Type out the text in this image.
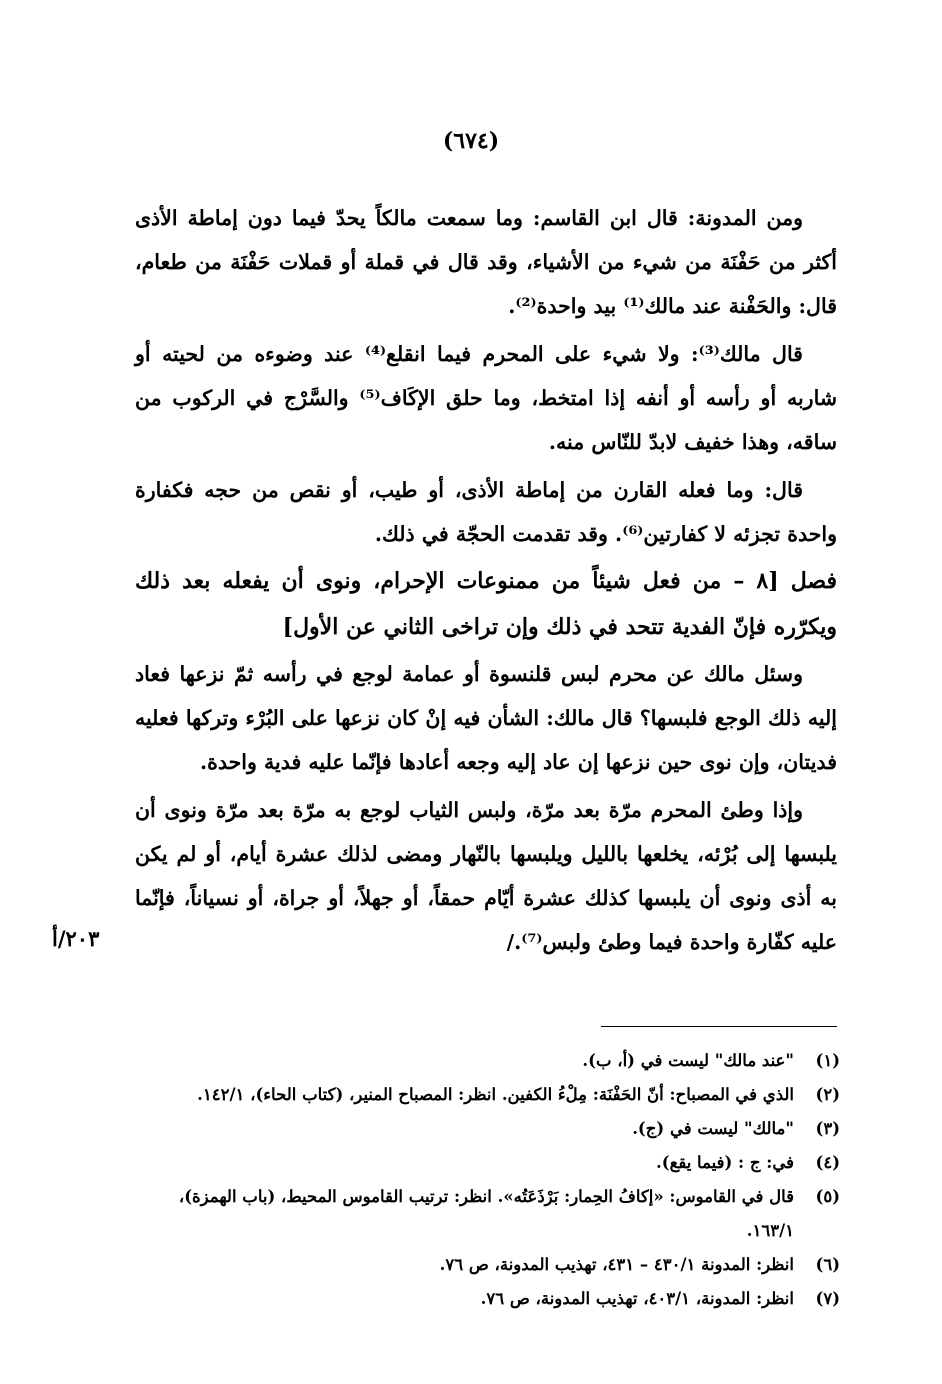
(٦٧٤)

ومن المدونة: قال ابن القاسم: وما سمعت مالكاً يحدّ فيما دون إماطة الأذى أكثر من حَفْنَة من شيء من الأشياء، وقد قال في قملة أو قملات حَفْنَة من طعام، قال: والحَفْنة عند مالك⁽¹⁾ بيد واحدة⁽²⁾.

قال مالك⁽³⁾: ولا شيء على المحرم فيما انقلع⁽⁴⁾ عند وضوءه من لحيته أو شاربه أو رأسه أو أنفه إذا امتخط، وما حلق الإكَاف⁽⁵⁾ والسَّرْج في الركوب من ساقه، وهذا خفيف لابدّ للنّاس منه.

قال: وما فعله القارن من إماطة الأذى، أو طيب، أو نقص من حجه فكفارة واحدة تجزئه لا كفارتين⁽⁶⁾. وقد تقدمت الحجّة في ذلك.

فصل [٨ – من فعل شيئاً من ممنوعات الإحرام، ونوى أن يفعله بعد ذلك
ويكرّره فإنّ الفدية تتحد في ذلك وإن تراخى الثاني عن الأول]

وسئل مالك عن محرم لبس قلنسوة أو عمامة لوجع في رأسه ثمّ نزعها فعاد إليه ذلك الوجع فلبسها؟ قال مالك: الشأن فيه إنْ كان نزعها على البُرْء وتركها فعليه فديتان، وإن نوى حين نزعها إن عاد إليه وجعه أعادها فإنّما عليه فدية واحدة.

وإذا وطئ المحرم مرّة بعد مرّة، ولبس الثياب لوجع به مرّة بعد مرّة ونوى أن يلبسها إلى بُرْئه، يخلعها بالليل ويلبسها بالنّهار ومضى لذلك عشرة أيام، أو لم يكن به أذى ونوى أن يلبسها كذلك عشرة أيّام حمقاً، أو جهلاً، أو جراة، أو نسياناً، فإنّما عليه كفّارة واحدة فيما وطئ ولبس⁽⁷⁾./

٢٠٣/أ
(١)
"عند مالك" ليست في (أ، ب).
(٢)
الذي في المصباح: أنّ الحَفْنَة: مِلْءُ الكفين. انظر: المصباح المنير، (كتاب الحاء)، ١٤٢/١.
(٣)
"مالك" ليست في (ج).
(٤)
في: ج : (فيما يقع).
(٥)
قال في القاموس: «إكافُ الحِمار: بَرْذَعَتُه». انظر: ترتيب القاموس المحيط، (باب الهمزة)،
١٦٣/١.
(٦)
انظر: المدونة ٤٣٠/١ – ٤٣١، تهذيب المدونة، ص ٧٦.
(٧)
انظر: المدونة، ٤٠٣/١، تهذيب المدونة، ص ٧٦.
